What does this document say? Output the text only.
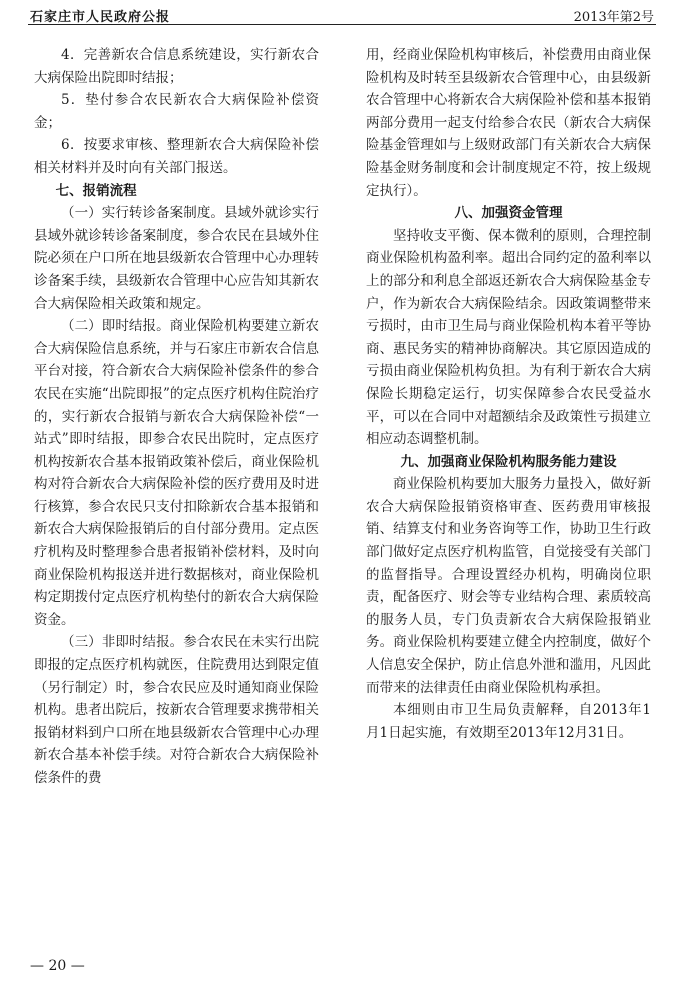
石家庄市人民政府公报	2013年第2号

4．完善新农合信息系统建设，实行新农合大病保险出院即时结报；

5．垫付参合农民新农合大病保险补偿资金；

6．按要求审核、整理新农合大病保险补偿相关材料并及时向有关部门报送。

七、报销流程

（一）实行转诊备案制度。县域外就诊实行县域外就诊转诊备案制度，参合农民在县域外住院必须在户口所在地县级新农合管理中心办理转诊备案手续，县级新农合管理中心应告知其新农合大病保险相关政策和规定。

（二）即时结报。商业保险机构要建立新农合大病保险信息系统，并与石家庄市新农合信息平台对接，符合新农合大病保险补偿条件的参合农民在实施“出院即报”的定点医疗机构住院治疗的，实行新农合报销与新农合大病保险补偿“一站式”即时结报，即参合农民出院时，定点医疗机构按新农合基本报销政策补偿后，商业保险机构对符合新农合大病保险补偿的医疗费用及时进行核算，参合农民只支付扣除新农合基本报销和新农合大病保险报销后的自付部分费用。定点医疗机构及时整理参合患者报销补偿材料，及时向商业保险机构报送并进行数据核对，商业保险机构定期拨付定点医疗机构垫付的新农合大病保险资金。

（三）非即时结报。参合农民在未实行出院即报的定点医疗机构就医，住院费用达到限定值（另行制定）时，参合农民应及时通知商业保险机构。患者出院后，按新农合管理要求携带相关报销材料到户口所在地县级新农合管理中心办理新农合基本补偿手续。对符合新农合大病保险补偿条件的费

用，经商业保险机构审核后，补偿费用由商业保险机构及时转至县级新农合管理中心，由县级新农合管理中心将新农合大病保险补偿和基本报销两部分费用一起支付给参合农民（新农合大病保险基金管理如与上级财政部门有关新农合大病保险基金财务制度和会计制度规定不符，按上级规定执行）。

八、加强资金管理

坚持收支平衡、保本微利的原则，合理控制商业保险机构盈利率。超出合同约定的盈利率以上的部分和利息全部返还新农合大病保险基金专户，作为新农合大病保险结余。因政策调整带来亏损时，由市卫生局与商业保险机构本着平等协商、惠民务实的精神协商解决。其它原因造成的亏损由商业保险机构负担。为有利于新农合大病保险长期稳定运行，切实保障参合农民受益水平，可以在合同中对超额结余及政策性亏损建立相应动态调整机制。

九、加强商业保险机构服务能力建设

商业保险机构要加大服务力量投入，做好新农合大病保险报销资格审查、医药费用审核报销、结算支付和业务咨询等工作，协助卫生行政部门做好定点医疗机构监管，自觉接受有关部门的监督指导。合理设置经办机构，明确岗位职责，配备医疗、财会等专业结构合理、素质较高的服务人员，专门负责新农合大病保险报销业务。商业保险机构要建立健全内控制度，做好个人信息安全保护，防止信息外泄和滥用，凡因此而带来的法律责任由商业保险机构承担。

本细则由市卫生局负责解释，自2013年1月1日起实施，有效期至2013年12月31日。

— 20 —
